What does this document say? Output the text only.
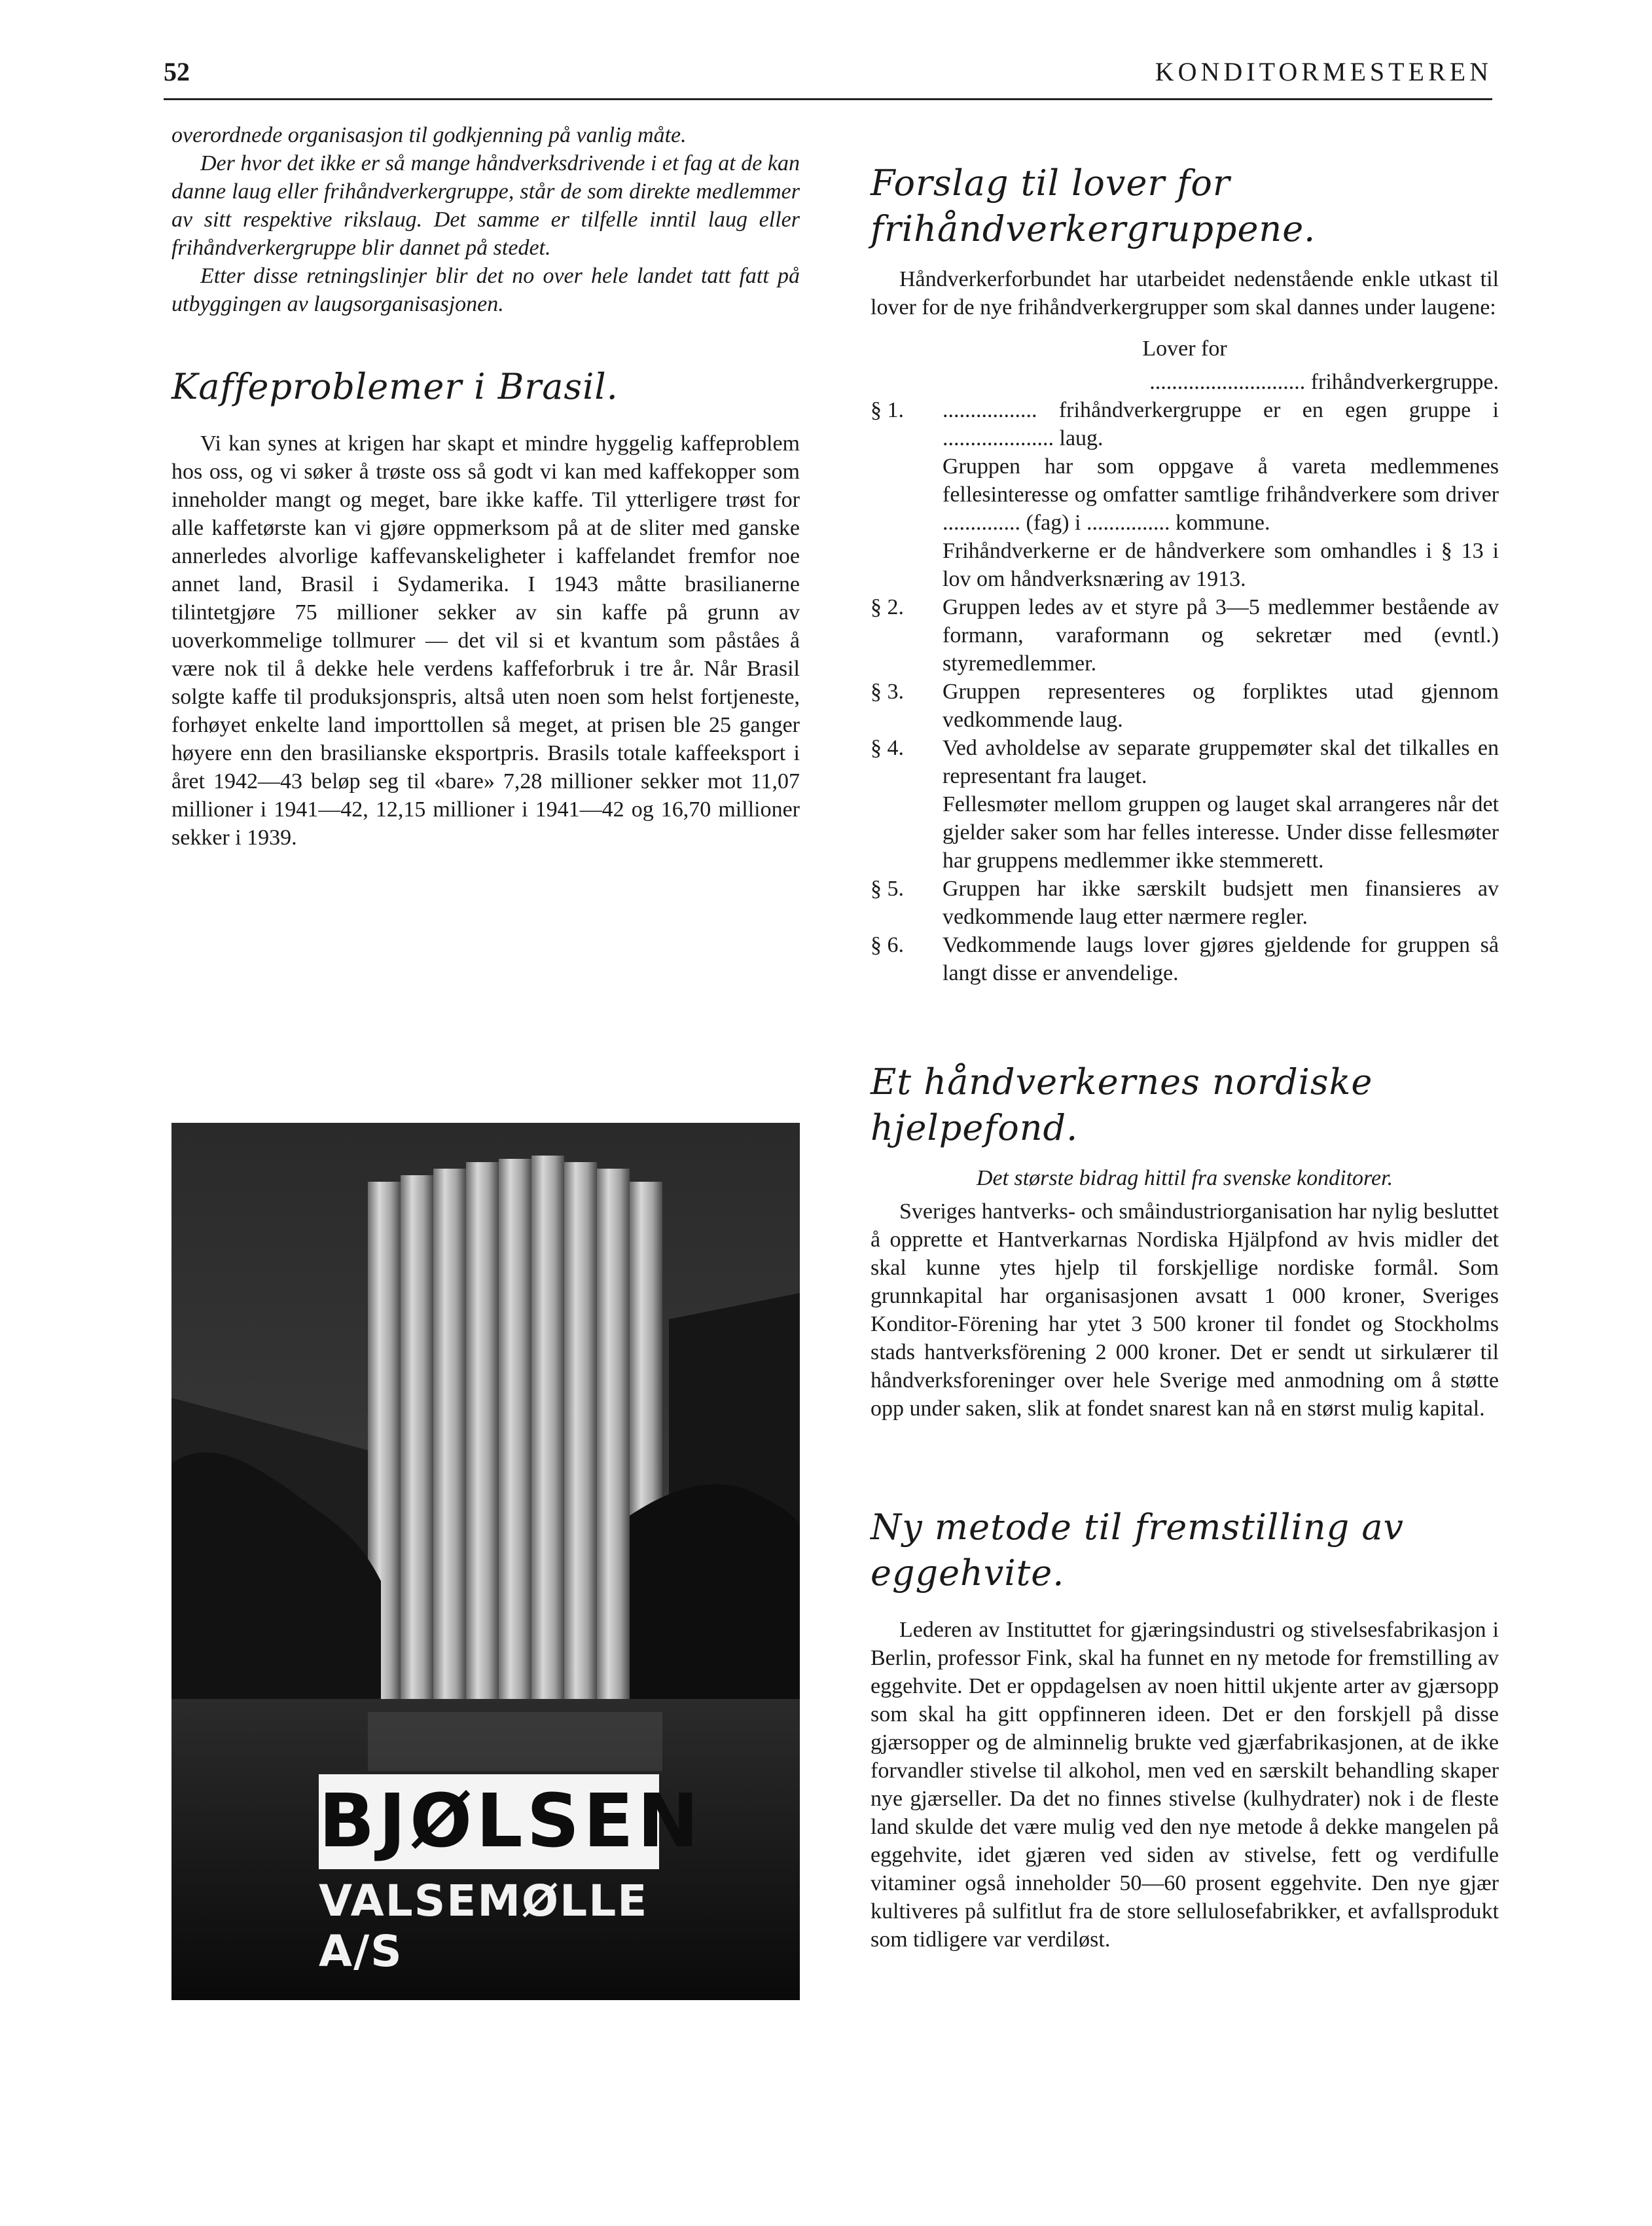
52	KONDITORMESTEREN

overordnede organisasjon til godkjenning på vanlig måte.

Der hvor det ikke er så mange håndverksdrivende i et fag at de kan danne laug eller frihåndverkergruppe, står de som direkte medlemmer av sitt respektive rikslaug. Det samme er tilfelle inntil laug eller frihåndverkergruppe blir dannet på stedet.

Etter disse retningslinjer blir det no over hele landet tatt fatt på utbyggingen av laugsorganisasjonen.

Kaffeproblemer i Brasil.

Vi kan synes at krigen har skapt et mindre hyggelig kaffeproblem hos oss, og vi søker å trøste oss så godt vi kan med kaffekopper som inneholder mangt og meget, bare ikke kaffe. Til ytterligere trøst for alle kaffetørste kan vi gjøre oppmerksom på at de sliter med ganske annerledes alvorlige kaffevanskeligheter i kaffelandet fremfor noe annet land, Brasil i Sydamerika. I 1943 måtte brasilianerne tilintetgjøre 75 millioner sekker av sin kaffe på grunn av uoverkommelige tollmurer — det vil si et kvantum som påståes å være nok til å dekke hele verdens kaffeforbruk i tre år. Når Brasil solgte kaffe til produksjonspris, altså uten noen som helst fortjeneste, forhøyet enkelte land importtollen så meget, at prisen ble 25 ganger høyere enn den brasilianske eksportpris. Brasils totale kaffeeksport i året 1942—43 beløp seg til «bare» 7,28 millioner sekker mot 11,07 millioner i 1941—42, 12,15 millioner i 1941—42 og 16,70 millioner sekker i 1939.

BJØLSEN
VALSEMØLLE A/S
Forslag til lover for frihåndverkergruppene.

Håndverkerforbundet har utarbeidet nedenstående enkle utkast til lover for de nye frihåndverkergrupper som skal dannes under laugene:

Lover for
............................ frihåndverkergruppe.
§ 1.	................. frihåndverkergruppe er en egen gruppe i .................... laug.
Gruppen har som oppgave å vareta medlemmenes fellesinteresse og omfatter samtlige frihåndverkere som driver .............. (fag) i ............... kommune.
Frihåndverkerne er de håndverkere som omhandles i § 13 i lov om håndverksnæring av 1913.
§ 2.	Gruppen ledes av et styre på 3—5 medlemmer bestående av formann, varaformann og sekretær med (evntl.) styremedlemmer.
§ 3.	Gruppen representeres og forpliktes utad gjennom vedkommende laug.
§ 4.	Ved avholdelse av separate gruppemøter skal det tilkalles en representant fra lauget.
Fellesmøter mellom gruppen og lauget skal arrangeres når det gjelder saker som har felles interesse. Under disse fellesmøter har gruppens medlemmer ikke stemmerett.
§ 5.	Gruppen har ikke særskilt budsjett men finansieres av vedkommende laug etter nærmere regler.
§ 6.	Vedkommende laugs lover gjøres gjeldende for gruppen så langt disse er anvendelige.
Et håndverkernes nordiske hjelpefond.

Det største bidrag hittil fra svenske konditorer.

Sveriges hantverks- och småindustriorganisation har nylig besluttet å opprette et Hantverkarnas Nordiska Hjälpfond av hvis midler det skal kunne ytes hjelp til forskjellige nordiske formål. Som grunnkapital har organisasjonen avsatt 1 000 kroner, Sveriges Konditor-Förening har ytet 3 500 kroner til fondet og Stockholms stads hantverksförening 2 000 kroner. Det er sendt ut sirkulærer til håndverksforeninger over hele Sverige med anmodning om å støtte opp under saken, slik at fondet snarest kan nå en størst mulig kapital.

Ny metode til fremstilling av eggehvite.

Lederen av Instituttet for gjæringsindustri og stivelsesfabrikasjon i Berlin, professor Fink, skal ha funnet en ny metode for fremstilling av eggehvite. Det er oppdagelsen av noen hittil ukjente arter av gjærsopp som skal ha gitt oppfinneren ideen. Det er den forskjell på disse gjærsopper og de alminnelig brukte ved gjærfabrikasjonen, at de ikke forvandler stivelse til alkohol, men ved en særskilt behandling skaper nye gjærseller. Da det no finnes stivelse (kulhydrater) nok i de fleste land skulde det være mulig ved den nye metode å dekke mangelen på eggehvite, idet gjæren ved siden av stivelse, fett og verdifulle vitaminer også inneholder 50—60 prosent eggehvite. Den nye gjær kultiveres på sulfitlut fra de store sellulosefabrikker, et avfallsprodukt som tidligere var verdiløst.
